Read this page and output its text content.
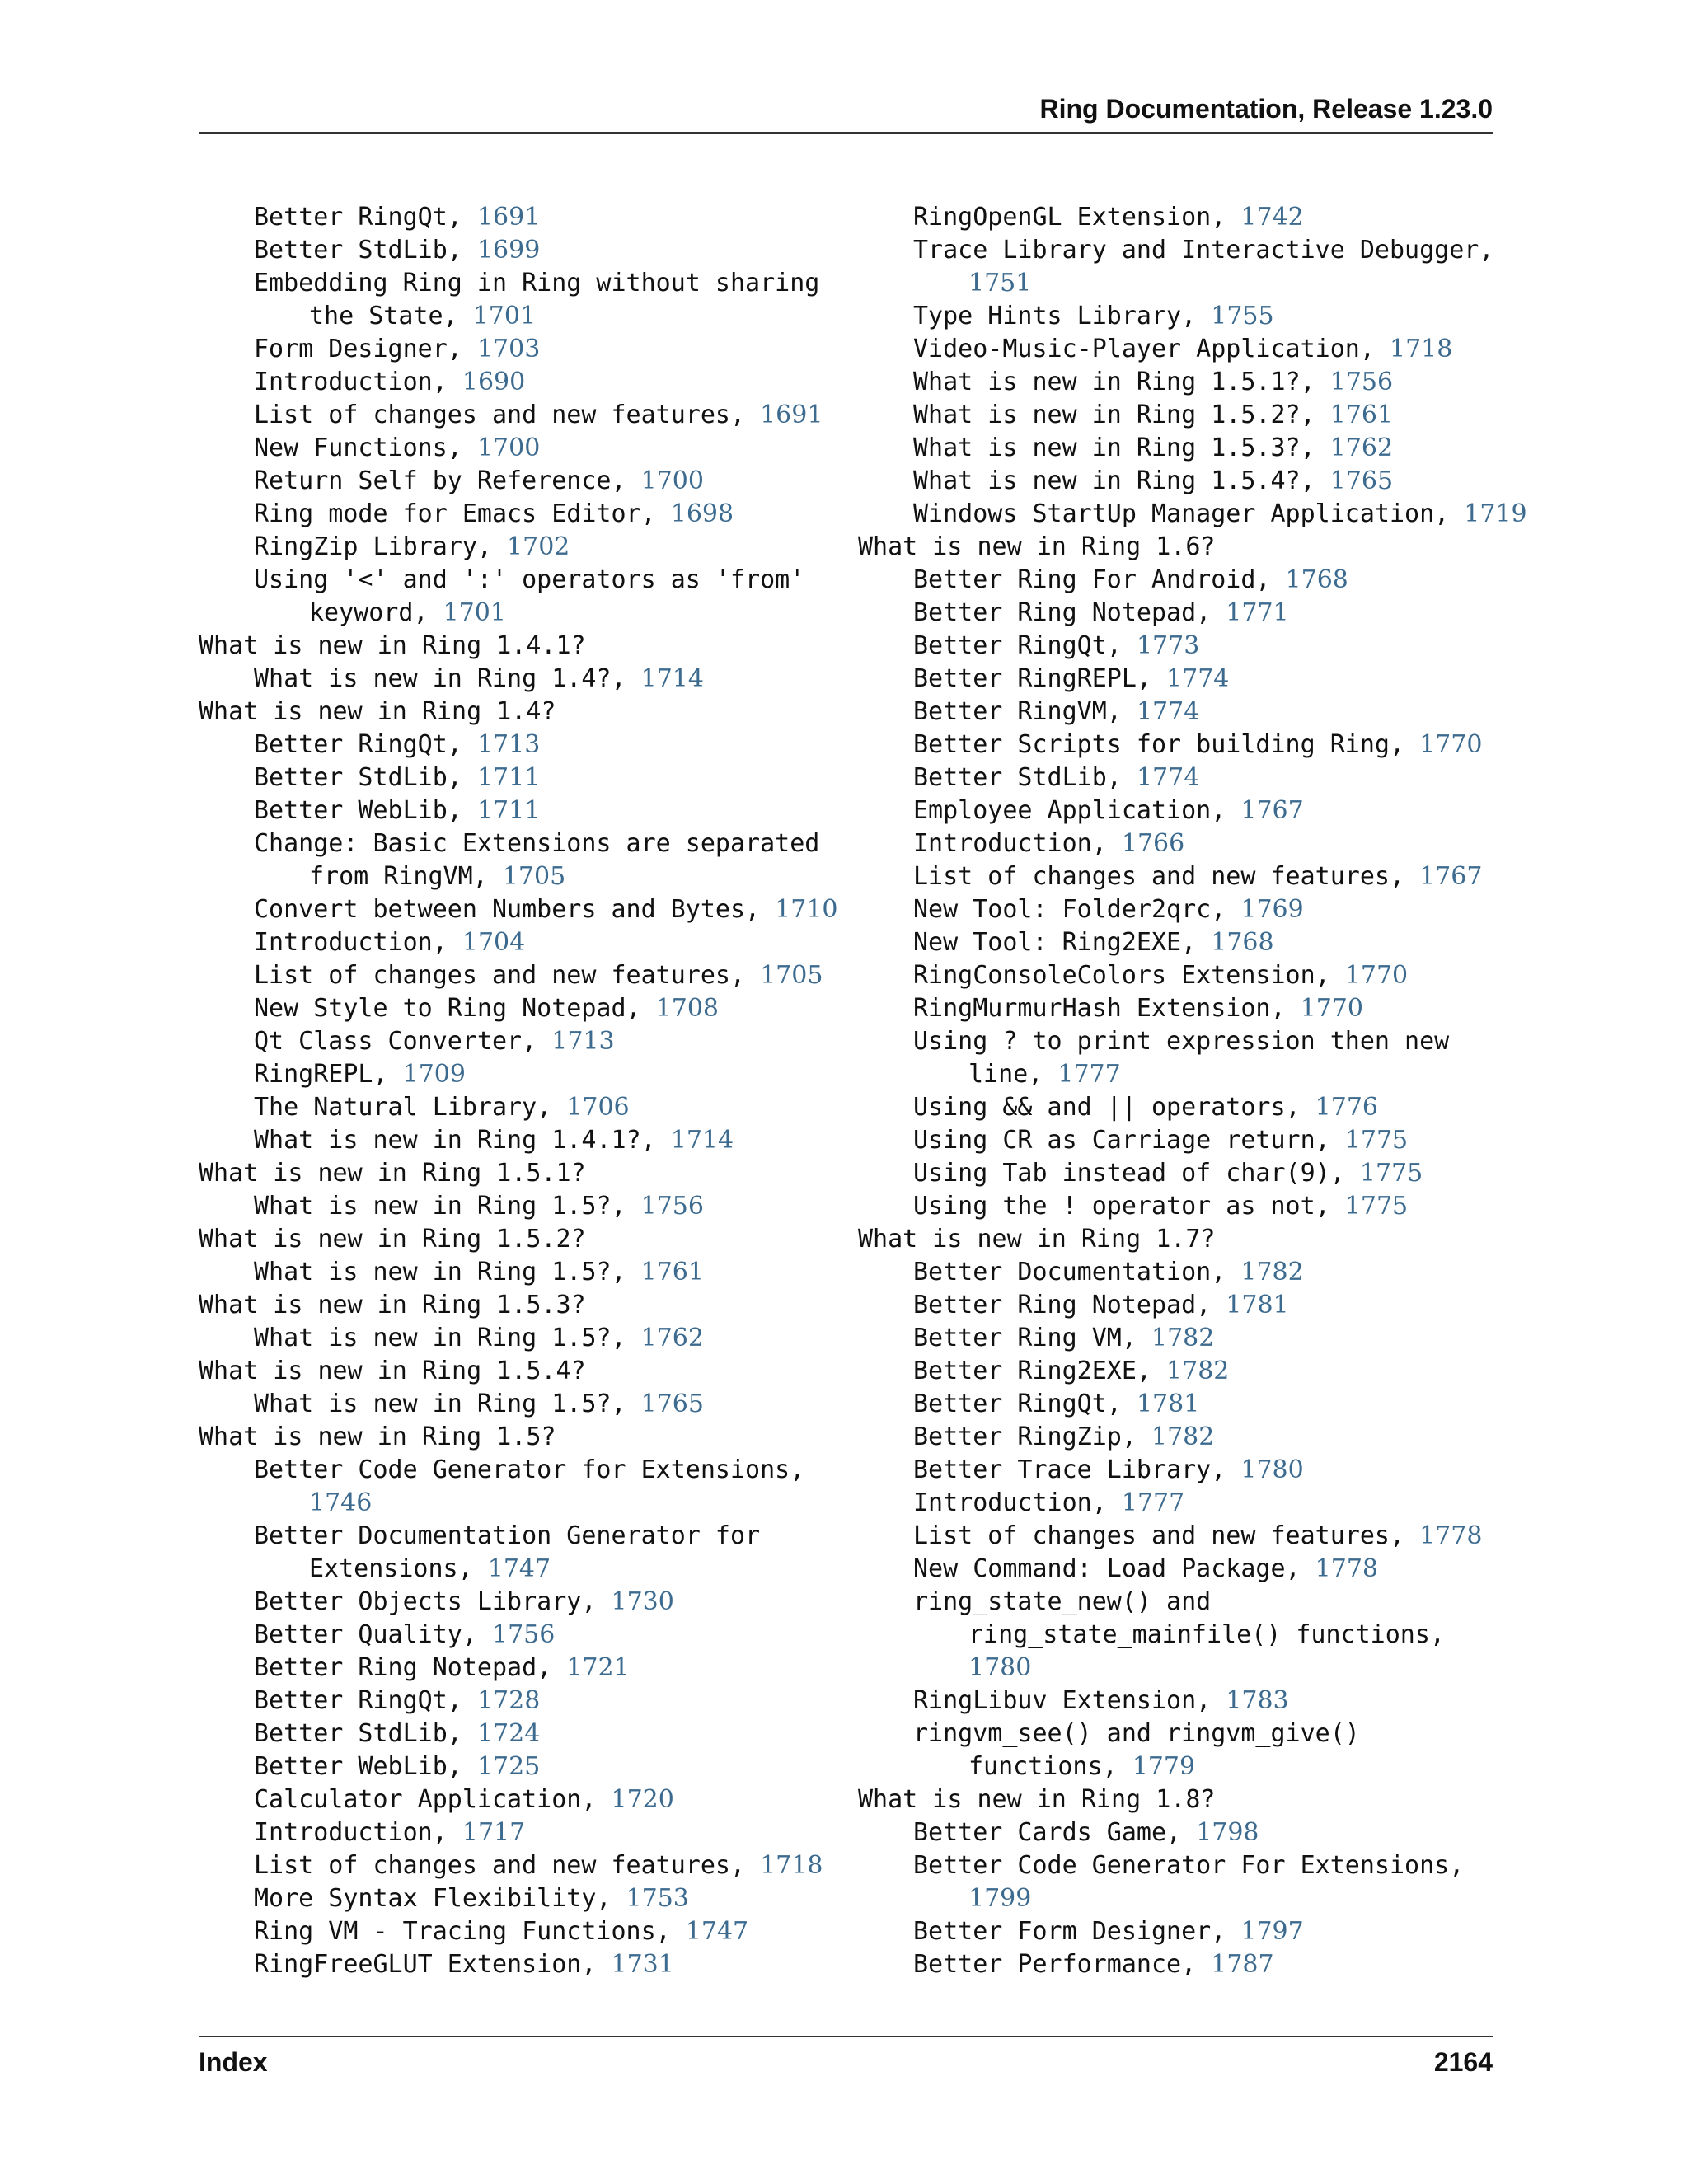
Ring Documentation, Release 1.23.0
Better RingQt, 1691
Better StdLib, 1699
Embedding Ring in Ring without sharing
the State, 1701
Form Designer, 1703
Introduction, 1690
List of changes and new features, 1691
New Functions, 1700
Return Self by Reference, 1700
Ring mode for Emacs Editor, 1698
RingZip Library, 1702
Using '<' and ':' operators as 'from'
keyword, 1701
What is new in Ring 1.4.1?
What is new in Ring 1.4?, 1714
What is new in Ring 1.4?
Better RingQt, 1713
Better StdLib, 1711
Better WebLib, 1711
Change: Basic Extensions are separated
from RingVM, 1705
Convert between Numbers and Bytes, 1710
Introduction, 1704
List of changes and new features, 1705
New Style to Ring Notepad, 1708
Qt Class Converter, 1713
RingREPL, 1709
The Natural Library, 1706
What is new in Ring 1.4.1?, 1714
What is new in Ring 1.5.1?
What is new in Ring 1.5?, 1756
What is new in Ring 1.5.2?
What is new in Ring 1.5?, 1761
What is new in Ring 1.5.3?
What is new in Ring 1.5?, 1762
What is new in Ring 1.5.4?
What is new in Ring 1.5?, 1765
What is new in Ring 1.5?
Better Code Generator for Extensions,
1746
Better Documentation Generator for
Extensions, 1747
Better Objects Library, 1730
Better Quality, 1756
Better Ring Notepad, 1721
Better RingQt, 1728
Better StdLib, 1724
Better WebLib, 1725
Calculator Application, 1720
Introduction, 1717
List of changes and new features, 1718
More Syntax Flexibility, 1753
Ring VM - Tracing Functions, 1747
RingFreeGLUT Extension, 1731
RingOpenGL Extension, 1742
Trace Library and Interactive Debugger,
1751
Type Hints Library, 1755
Video-Music-Player Application, 1718
What is new in Ring 1.5.1?, 1756
What is new in Ring 1.5.2?, 1761
What is new in Ring 1.5.3?, 1762
What is new in Ring 1.5.4?, 1765
Windows StartUp Manager Application, 1719
What is new in Ring 1.6?
Better Ring For Android, 1768
Better Ring Notepad, 1771
Better RingQt, 1773
Better RingREPL, 1774
Better RingVM, 1774
Better Scripts for building Ring, 1770
Better StdLib, 1774
Employee Application, 1767
Introduction, 1766
List of changes and new features, 1767
New Tool: Folder2qrc, 1769
New Tool: Ring2EXE, 1768
RingConsoleColors Extension, 1770
RingMurmurHash Extension, 1770
Using ? to print expression then new
line, 1777
Using && and || operators, 1776
Using CR as Carriage return, 1775
Using Tab instead of char(9), 1775
Using the ! operator as not, 1775
What is new in Ring 1.7?
Better Documentation, 1782
Better Ring Notepad, 1781
Better Ring VM, 1782
Better Ring2EXE, 1782
Better RingQt, 1781
Better RingZip, 1782
Better Trace Library, 1780
Introduction, 1777
List of changes and new features, 1778
New Command: Load Package, 1778
ring_state_new() and
ring_state_mainfile() functions,
1780
RingLibuv Extension, 1783
ringvm_see() and ringvm_give()
functions, 1779
What is new in Ring 1.8?
Better Cards Game, 1798
Better Code Generator For Extensions,
1799
Better Form Designer, 1797
Better Performance, 1787
Index	2164
